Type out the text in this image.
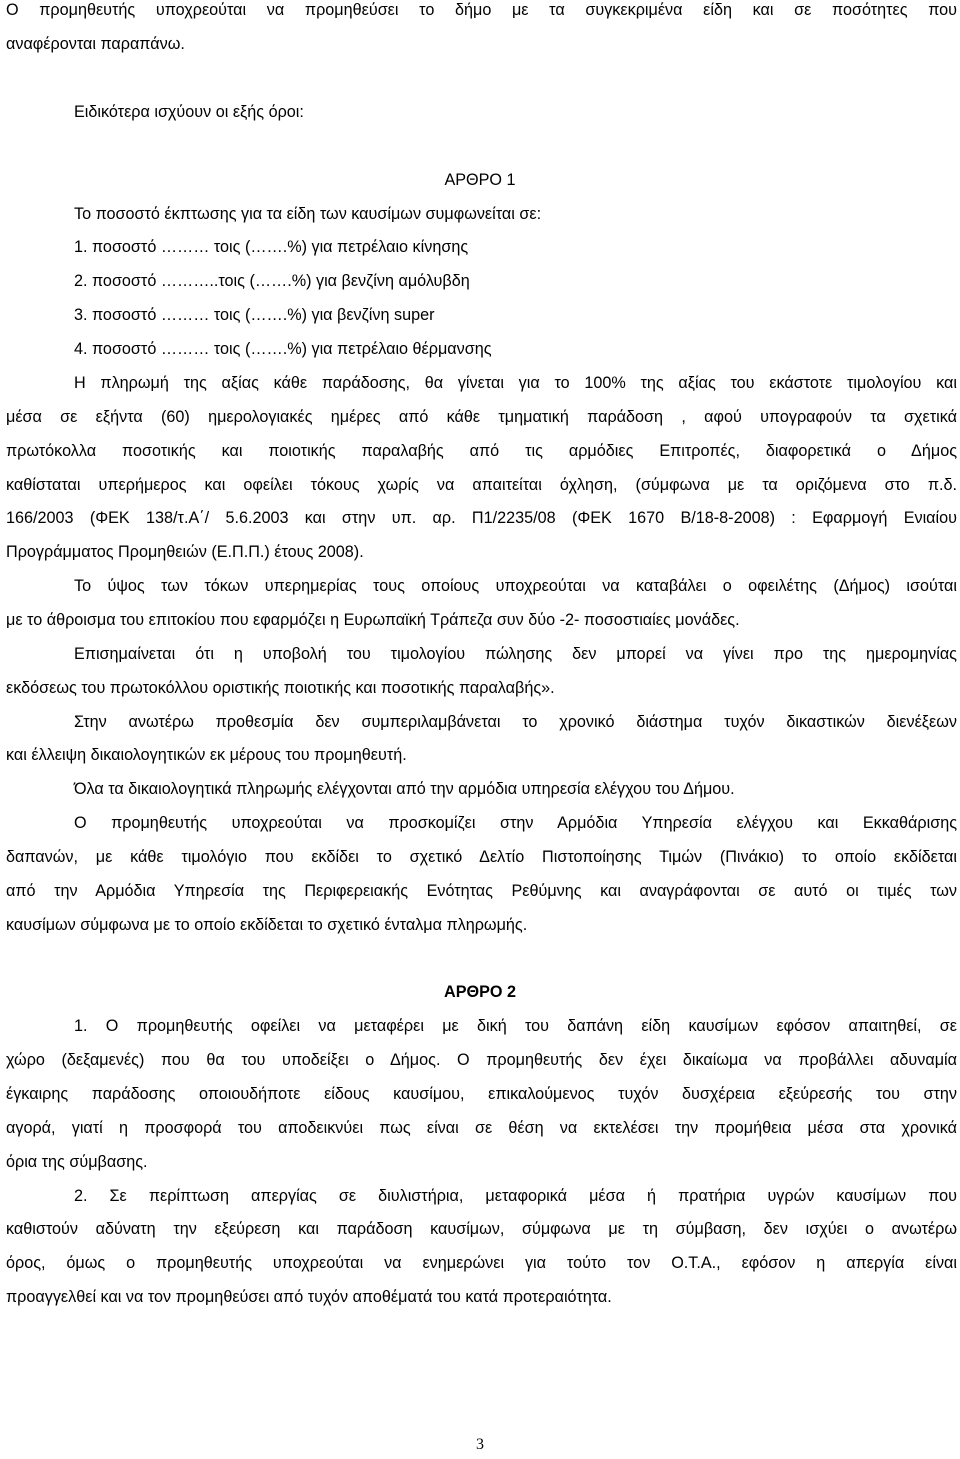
Ο προμηθευτής υποχρεούται να προμηθεύσει το δήμο με τα συγκεκριμένα είδη και σε ποσότητες που

αναφέρονται παραπάνω.

Ειδικότερα ισχύουν οι εξής όροι:

ΑΡΘΡΟ 1

Το ποσοστό έκπτωσης για τα είδη των καυσίμων συμφωνείται σε:

1. ποσοστό ……… τοις (…….%) για πετρέλαιο κίνησης

2. ποσοστό ………..τοις (…….%) για βενζίνη αμόλυβδη

3. ποσοστό ……… τοις (…….%) για βενζίνη super

4. ποσοστό ……… τοις (…….%) για πετρέλαιο θέρμανσης

Η πληρωμή της αξίας κάθε παράδοσης, θα γίνεται για το 100% της αξίας του εκάστοτε τιμολογίου και

μέσα σε εξήντα (60) ημερολογιακές ημέρες από κάθε τμηματική παράδοση , αφού υπογραφούν τα σχετικά

πρωτόκολλα ποσοτικής και ποιοτικής παραλαβής από τις αρμόδιες Επιτροπές, διαφορετικά ο Δήμος

καθίσταται υπερήμερος και οφείλει τόκους χωρίς να απαιτείται όχληση, (σύμφωνα με τα οριζόμενα στο π.δ.

166/2003 (ΦΕΚ 138/τ.Α΄/ 5.6.2003 και στην υπ. αρ. Π1/2235/08 (ΦΕΚ 1670 Β/18-8-2008) : Εφαρμογή Ενιαίου

Προγράμματος Προμηθειών (Ε.Π.Π.) έτους 2008).

Το ύψος των τόκων υπερημερίας τους οποίους υποχρεούται να καταβάλει ο οφειλέτης (Δήμος) ισούται

με το άθροισμα του επιτοκίου που εφαρμόζει η Ευρωπαϊκή Τράπεζα συν δύο -2- ποσοστιαίες μονάδες.

Επισημαίνεται ότι η υποβολή του τιμολογίου πώλησης δεν μπορεί να γίνει προ της ημερομηνίας

εκδόσεως του πρωτοκόλλου οριστικής ποιοτικής και ποσοτικής παραλαβής».

Στην ανωτέρω προθεσμία δεν συμπεριλαμβάνεται το χρονικό διάστημα τυχόν δικαστικών διενέξεων

και έλλειψη δικαιολογητικών εκ μέρους του προμηθευτή.

Όλα τα δικαιολογητικά πληρωμής ελέγχονται από την αρμόδια υπηρεσία ελέγχου του Δήμου.

Ο προμηθευτής υποχρεούται να προσκομίζει στην Αρμόδια Υπηρεσία ελέγχου και Εκκαθάρισης

δαπανών, με κάθε τιμολόγιο που εκδίδει το σχετικό Δελτίο Πιστοποίησης Τιμών (Πινάκιο) το οποίο εκδίδεται

από την Αρμόδια Υπηρεσία της Περιφερειακής Ενότητας Ρεθύμνης και αναγράφονται σε αυτό οι τιμές των

καυσίμων σύμφωνα με το οποίο εκδίδεται το σχετικό ένταλμα πληρωμής.

ΑΡΘΡΟ 2

1. Ο προμηθευτής οφείλει να μεταφέρει με δική του δαπάνη είδη καυσίμων εφόσον απαιτηθεί, σε

χώρο (δεξαμενές) που θα του υποδείξει ο Δήμος. Ο προμηθευτής δεν έχει δικαίωμα να προβάλλει αδυναμία

έγκαιρης παράδοσης οποιουδήποτε είδους καυσίμου, επικαλούμενος τυχόν δυσχέρεια εξεύρεσής του στην

αγορά, γιατί η προσφορά του αποδεικνύει πως είναι σε θέση να εκτελέσει την προμήθεια μέσα στα χρονικά

όρια της σύμβασης.

2. Σε περίπτωση απεργίας σε διυλιστήρια, μεταφορικά μέσα ή πρατήρια υγρών καυσίμων που

καθιστούν αδύνατη την εξεύρεση και παράδοση καυσίμων, σύμφωνα με τη σύμβαση, δεν ισχύει ο ανωτέρω

όρος, όμως ο προμηθευτής υποχρεούται να ενημερώνει για τούτο τον Ο.Τ.Α., εφόσον η απεργία είναι

προαγγελθεί και να τον προμηθεύσει από τυχόν αποθέματά του κατά προτεραιότητα.

3
